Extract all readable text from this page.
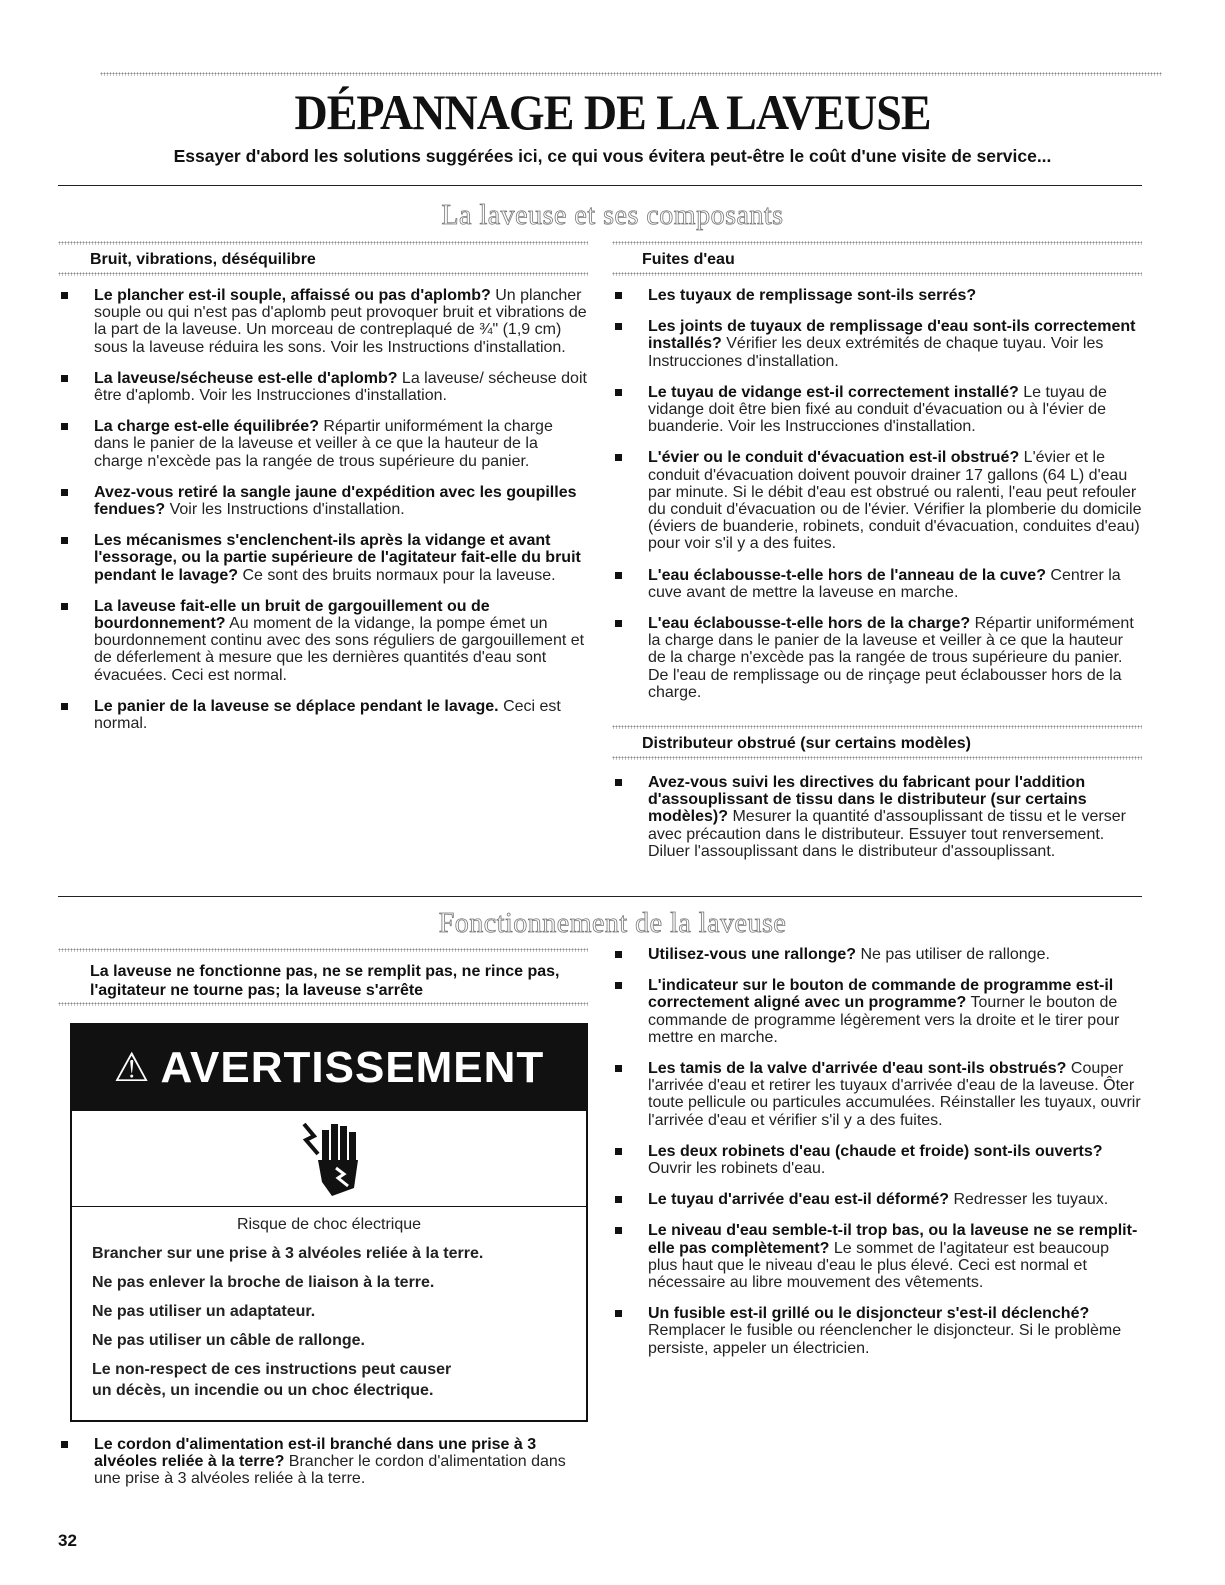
DÉPANNAGE DE LA LAVEUSE
Essayer d'abord les solutions suggérées ici, ce qui vous évitera peut-être le coût d'une visite de service...
La laveuse et ses composants
Bruit, vibrations, déséquilibre
Le plancher est-il souple, affaissé ou pas d'aplomb? Un plancher souple ou qui n'est pas d'aplomb peut provoquer bruit et vibrations de la part de la laveuse. Un morceau de contreplaqué de ¾" (1,9 cm) sous la laveuse réduira les sons. Voir les Instructions d'installation.
La laveuse/sécheuse est-elle d'aplomb? La laveuse/ sécheuse doit être d'aplomb. Voir les Instrucciones d'installation.
La charge est-elle équilibrée? Répartir uniformément la charge dans le panier de la laveuse et veiller à ce que la hauteur de la charge n'excède pas la rangée de trous supérieure du panier.
Avez-vous retiré la sangle jaune d'expédition avec les goupilles fendues? Voir les Instructions d'installation.
Les mécanismes s'enclenchent-ils après la vidange et avant l'essorage, ou la partie supérieure de l'agitateur fait-elle du bruit pendant le lavage? Ce sont des bruits normaux pour la laveuse.
La laveuse fait-elle un bruit de gargouillement ou de bourdonnement? Au moment de la vidange, la pompe émet un bourdonnement continu avec des sons réguliers de gargouillement et de déferlement à mesure que les dernières quantités d'eau sont évacuées. Ceci est normal.
Le panier de la laveuse se déplace pendant le lavage. Ceci est normal.
Fuites d'eau
Les tuyaux de remplissage sont-ils serrés?
Les joints de tuyaux de remplissage d'eau sont-ils correctement installés? Vérifier les deux extrémités de chaque tuyau. Voir les Instrucciones d'installation.
Le tuyau de vidange est-il correctement installé? Le tuyau de vidange doit être bien fixé au conduit d'évacuation ou à l'évier de buanderie. Voir les Instrucciones d'installation.
L'évier ou le conduit d'évacuation est-il obstrué? L'évier et le conduit d'évacuation doivent pouvoir drainer 17 gallons (64 L) d'eau par minute. Si le débit d'eau est obstrué ou ralenti, l'eau peut refouler du conduit d'évacuation ou de l'évier. Vérifier la plomberie du domicile (éviers de buanderie, robinets, conduit d'évacuation, conduites d'eau) pour voir s'il y a des fuites.
L'eau éclabousse-t-elle hors de l'anneau de la cuve? Centrer la cuve avant de mettre la laveuse en marche.
L'eau éclabousse-t-elle hors de la charge? Répartir uniformément la charge dans le panier de la laveuse et veiller à ce que la hauteur de la charge n'excède pas la rangée de trous supérieure du panier. De l'eau de remplissage ou de rinçage peut éclabousser hors de la charge.
Distributeur obstrué (sur certains modèles)
Avez-vous suivi les directives du fabricant pour l'addition d'assouplissant de tissu dans le distributeur (sur certains modèles)? Mesurer la quantité d'assouplissant de tissu et le verser avec précaution dans le distributeur. Essuyer tout renversement. Diluer l'assouplissant dans le distributeur d'assouplissant.
Fonctionnement de la laveuse
La laveuse ne fonctionne pas, ne se remplit pas, ne rince pas, l'agitateur ne tourne pas; la laveuse s'arrête
⚠ AVERTISSEMENT
Risque de choc électrique
Brancher sur une prise à 3 alvéoles reliée à la terre.
Ne pas enlever la broche de liaison à la terre.
Ne pas utiliser un adaptateur.
Ne pas utiliser un câble de rallonge.
Le non-respect de ces instructions peut causer
un décès, un incendie ou un choc électrique.
Le cordon d'alimentation est-il branché dans une prise à 3 alvéoles reliée à la terre? Brancher le cordon d'alimentation dans une prise à 3 alvéoles reliée à la terre.
Utilisez-vous une rallonge? Ne pas utiliser de rallonge.
L'indicateur sur le bouton de commande de programme est-il correctement aligné avec un programme? Tourner le bouton de commande de programme légèrement vers la droite et le tirer pour mettre en marche.
Les tamis de la valve d'arrivée d'eau sont-ils obstrués? Couper l'arrivée d'eau et retirer les tuyaux d'arrivée d'eau de la laveuse. Ôter toute pellicule ou particules accumulées. Réinstaller les tuyaux, ouvrir l'arrivée d'eau et vérifier s'il y a des fuites.
Les deux robinets d'eau (chaude et froide) sont-ils ouverts? Ouvrir les robinets d'eau.
Le tuyau d'arrivée d'eau est-il déformé? Redresser les tuyaux.
Le niveau d'eau semble-t-il trop bas, ou la laveuse ne se remplit-elle pas complètement? Le sommet de l'agitateur est beaucoup plus haut que le niveau d'eau le plus élevé. Ceci est normal et nécessaire au libre mouvement des vêtements.
Un fusible est-il grillé ou le disjoncteur s'est-il déclenché? Remplacer le fusible ou réenclencher le disjoncteur. Si le problème persiste, appeler un électricien.
32
